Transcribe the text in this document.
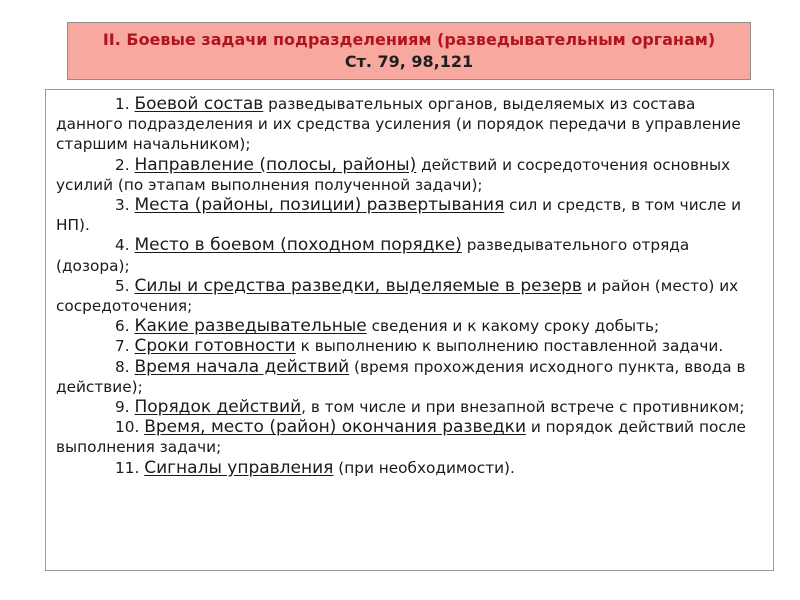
II. Боевые задачи подразделениям (разведывательным органам) Ст. 79, 98,121

1. Боевой состав разведывательных органов, выделяемых из состава данного подразделения и их средства усиления (и порядок передачи в управление старшим начальником);

2. Направление (полосы, районы) действий и сосредоточения основных усилий (по этапам выполнения полученной задачи);

3. Места (районы, позиции) развертывания сил и средств, в том числе и НП).

4. Место в боевом (походном порядке) разведывательного отряда (дозора);

5. Силы и средства разведки, выделяемые в резерв и район (место) их сосредоточения;

6. Какие разведывательные сведения и к какому сроку добыть;

7. Сроки готовности к выполнению к выполнению поставленной задачи.

8. Время начала действий (время прохождения исходного пункта, ввода в действие);

9. Порядок действий, в том числе и при внезапной встрече с противником;

10. Время, место (район) окончания разведки и порядок действий после выполнения задачи;

11. Сигналы управления (при необходимости).
